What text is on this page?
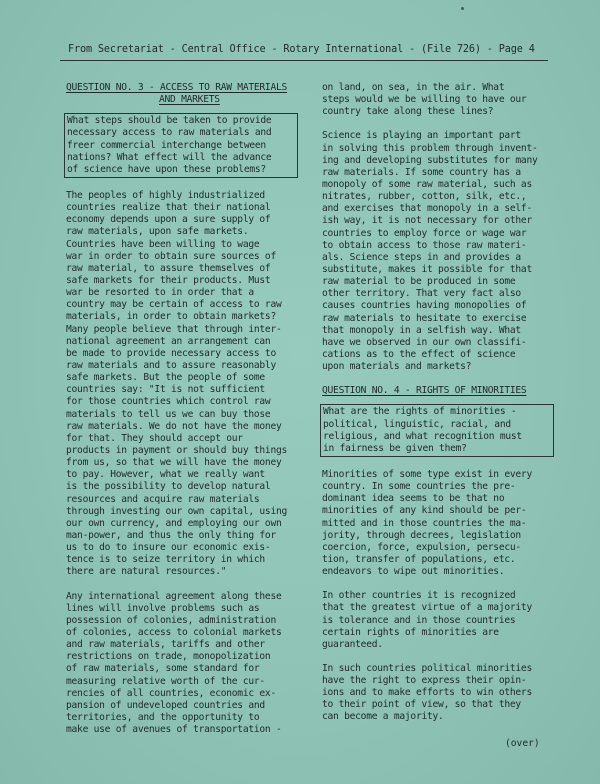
From Secretariat - Central Office - Rotary International - (File 726) - Page 4
QUESTION NO. 3 - ACCESS TO RAW MATERIALS
AND MARKETS
What steps should be taken to provide
necessary access to raw materials and
freer commercial interchange between
nations? What effect will the advance
of science have upon these problems?
The peoples of highly industrialized
countries realize that their national
economy depends upon a sure supply of
raw materials, upon safe markets.
Countries have been willing to wage
war in order to obtain sure sources of
raw material, to assure themselves of
safe markets for their products. Must
war be resorted to in order that a
country may be certain of access to raw
materials, in order to obtain markets?
Many people believe that through inter-
national agreement an arrangement can
be made to provide necessary access to
raw materials and to assure reasonably
safe markets. But the people of some
countries say: "It is not sufficient
for those countries which control raw
materials to tell us we can buy those
raw materials. We do not have the money
for that. They should accept our
products in payment or should buy things
from us, so that we will have the money
to pay. However, what we really want
is the possibility to develop natural
resources and acquire raw materials
through investing our own capital, using
our own currency, and employing our own
man-power, and thus the only thing for
us to do to insure our economic exis-
tence is to seize territory in which
there are natural resources."
Any international agreement along these
lines will involve problems such as
possession of colonies, administration
of colonies, access to colonial markets
and raw materials, tariffs and other
restrictions on trade, monopolization
of raw materials, some standard for
measuring relative worth of the cur-
rencies of all countries, economic ex-
pansion of undeveloped countries and
territories, and the opportunity to
make use of avenues of transportation -
on land, on sea, in the air. What
steps would we be willing to have our
country take along these lines?
Science is playing an important part
in solving this problem through invent-
ing and developing substitutes for many
raw materials. If some country has a
monopoly of some raw material, such as
nitrates, rubber, cotton, silk, etc.,
and exercises that monopoly in a self-
ish way, it is not necessary for other
countries to employ force or wage war
to obtain access to those raw materi-
als. Science steps in and provides a
substitute, makes it possible for that
raw material to be produced in some
other territory. That very fact also
causes countries having monopolies of
raw materials to hesitate to exercise
that monopoly in a selfish way. What
have we observed in our own classifi-
cations as to the effect of science
upon materials and markets?
QUESTION NO. 4 - RIGHTS OF MINORITIES
What are the rights of minorities -
political, linguistic, racial, and
religious, and what recognition must
in fairness be given them?
Minorities of some type exist in every
country. In some countries the pre-
dominant idea seems to be that no
minorities of any kind should be per-
mitted and in those countries the ma-
jority, through decrees, legislation
coercion, force, expulsion, persecu-
tion, transfer of populations, etc.
endeavors to wipe out minorities.
In other countries it is recognized
that the greatest virtue of a majority
is tolerance and in those countries
certain rights of minorities are
guaranteed.
In such countries political minorities
have the right to express their opin-
ions and to make efforts to win others
to their point of view, so that they
can become a majority.
(over)
